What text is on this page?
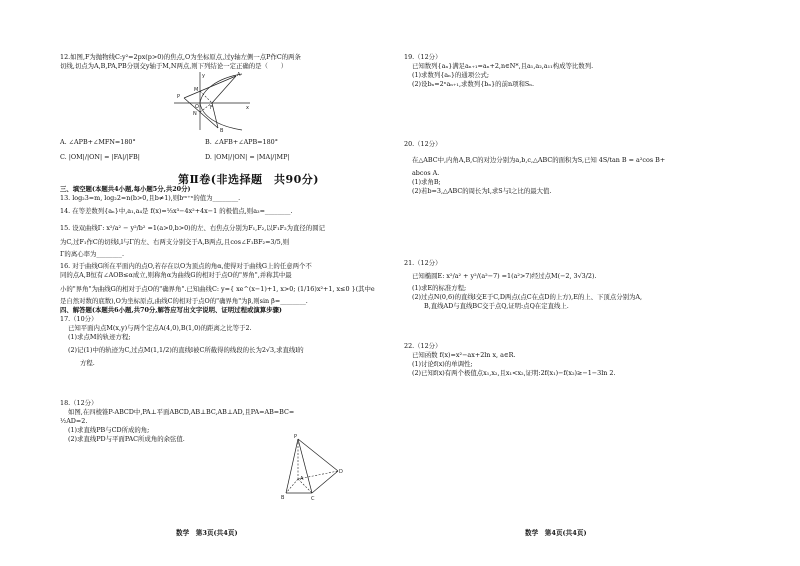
12.如图,F为抛物线C:y²=2px(p>0)的焦点,O为坐标原点,过y轴左侧一点P作C的两条

切线,切点为A,B,PA,PB分别交y轴于M,N两点,则下列结论一定正确的是（　　）

y	A
P
M
F
O
N
B
x
A. ∠APB+∠MFN=180°	B. ∠AFB+∠APB=180°
C. |OM|/|ON| = |FA|/|FB|	D. |OM|/|ON| = |MA|/|MP|
第Ⅱ卷(非选择题　共90分)

三、填空题(本题共4小题,每小题5分,共20分)

13. log₂3=m, log₂2=n(b>0,且b≠1),则bᵐ⁺ⁿ的值为________.

14. 在等差数列{aₙ}中,a₁,a₄是 f(x)=⅓x³−4x²+4x−1 的极值点,则a₃=________.

15. 设双曲线Γ: x²/a² − y²/b² =1(a>0,b>0)的左、右焦点分别为F₁,F₂,以F₁F₂为直径的圆记

为C,过F₁作C的切线l,l与Γ的左、右两支分别交于A,B两点,且cos∠F₁BF₂=3/5,则

Γ的离心率为________.

16. 对于曲线G所在平面内的点O,若存在以O为顶点的角α,使得对于曲线G上的任意两个不

同的点A,B恒有∠AOB≤α成立,则称角α为曲线G的相对于点O的"界角",并称其中最

小的"界角"为曲线G的相对于点O的"确界角".已知曲线C: y={ xe^(x−1)+1, x>0; (1/16)x²+1, x≤0 }(其中e

是自然对数的底数),O为坐标原点,曲线C的相对于点O的"确界角"为β,则sin β=________.

四、解答题(本题共6小题,共70分,解答应写出文字说明、证明过程或演算步骤)

17.（10分）

已知平面内点M(x,y)与两个定点A(4,0),B(1,0)的距离之比等于2.

(1)求点M的轨迹方程;

(2)记(1)中的轨迹为C,过点M(1,1/2)的直线l被C所截得的线段的长为2√3,求直线l的

方程.

18.（12分）

如图,在四棱锥P-ABCD中,PA⊥平面ABCD,AB⊥BC,AB⊥AD,且PA=AB=BC=

½AD=2.

(1)求直线PB与CD所成的角;

(2)求直线PD与平面PAC所成角的余弦值.	P
A
B	C
D
数学　第3页(共4页)

19.（12分）

已知数列{aₙ}满足aₙ₊₁=aₙ+2,n∈N*,且a₁,a₂,a₁₁构成等比数列.

(1)求数列{aₙ}的通项公式;

(2)设bₙ=2ⁿaₙ₊₁,求数列{bₙ}的前n项和Sₙ.

20.（12分）

在△ABC中,内角A,B,C的对边分别为a,b,c,△ABC的面积为S,已知 4S/tan B = a²cos B+

abcos A.

(1)求角B;

(2)若b=3,△ABC的周长为l,求S与l之比的最大值.

21.（12分）

已知椭圆E: x²/a² + y²/(a²−7) =1(a²>7)经过点M(−2, 3√3/2).

(1)求E的标准方程;

(2)过点N(0,6)的直线l交E于C,D两点(点C在点D的上方),E的上、下顶点分别为A,

B,直线AD与直线BC交于点Q,证明:点Q在定直线上.

22.（12分）

已知函数 f(x)=x²−ax+2ln x, a∈R.

(1)讨论f(x)的单调性;

(2)已知f(x)有两个极值点x₁,x₂,且x₁<x₂,证明:2f(x₁)−f(x₂)≥−1−3ln 2.

数学　第4页(共4页)
